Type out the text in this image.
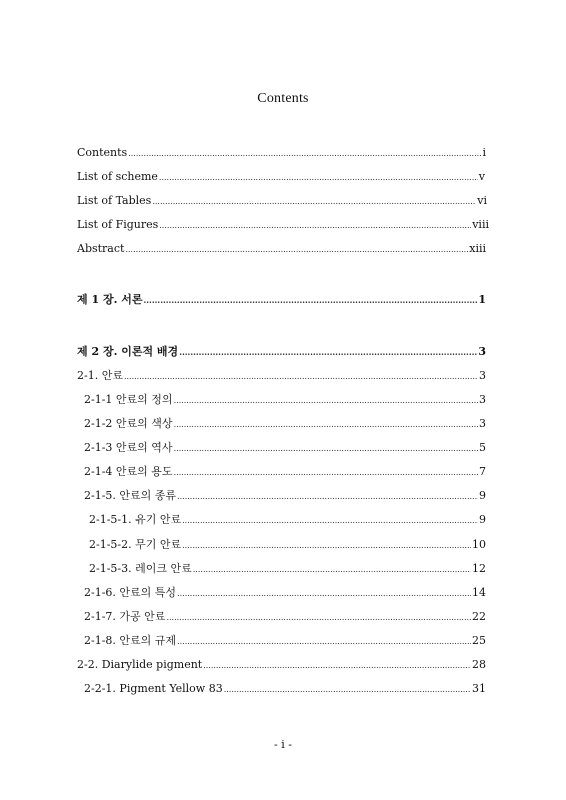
Contents
Contents .....	i
List of scheme .....	v
List of Tables .....	vi
List of Figures .....	viii
Abstract .....	xiii
제 1 장. 서론 .....	1
제 2 장. 이론적 배경 .....	3
2-1. 안료 .....	3
2-1-1 안료의 정의 .....	3
2-1-2 안료의 색상 .....	3
2-1-3 안료의 역사 .....	5
2-1-4 안료의 용도 .....	7
2-1-5. 안료의 종류 .....	9
2-1-5-1. 유기 안료 .....	9
2-1-5-2. 무기 안료 .....	10
2-1-5-3. 레이크 안료 .....	12
2-1-6. 안료의 특성 .....	14
2-1-7. 가공 안료 .....	22
2-1-8. 안료의 규제 .....	25
2-2. Diarylide pigment .....	28
2-2-1. Pigment Yellow 83 .....	31
- i -
